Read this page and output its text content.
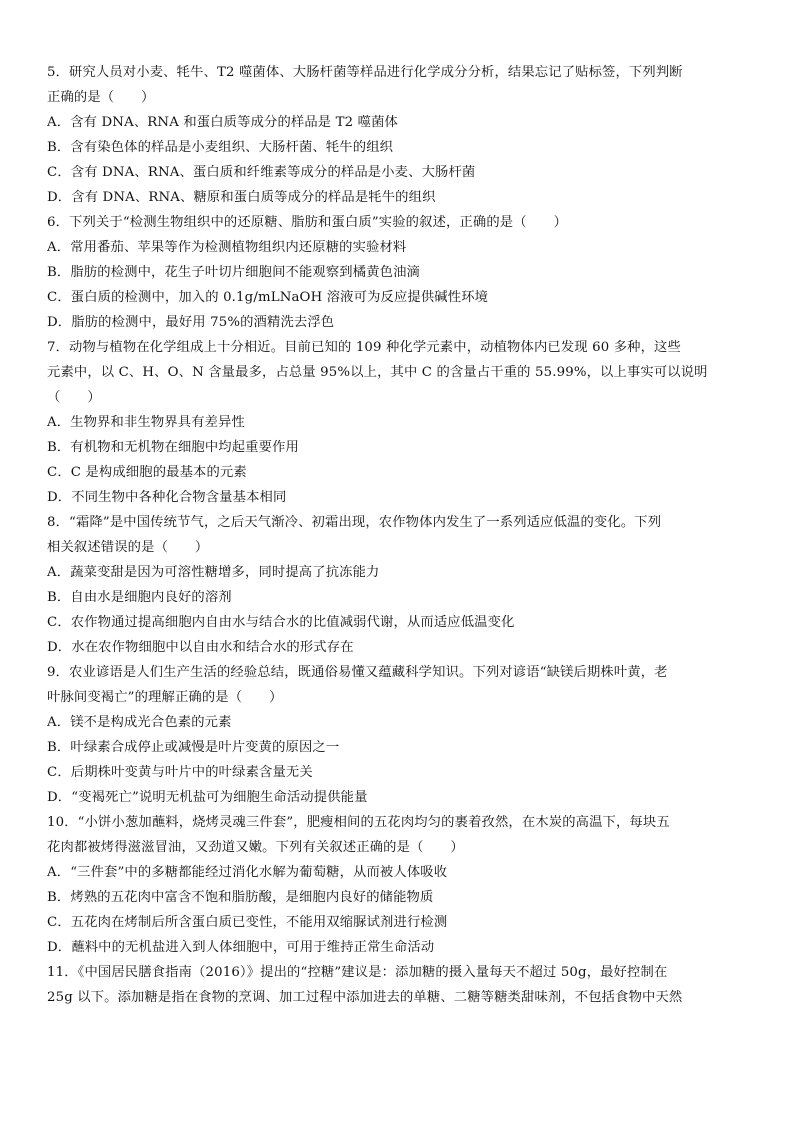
5．研究人员对小麦、牦牛、T2 噬菌体、大肠杆菌等样品进行化学成分分析，结果忘记了贴标签，下列判断
正确的是（　　）
A．含有 DNA、RNA 和蛋白质等成分的样品是 T2 噬菌体
B．含有染色体的样品是小麦组织、大肠杆菌、牦牛的组织
C．含有 DNA、RNA、蛋白质和纤维素等成分的样品是小麦、大肠杆菌
D．含有 DNA、RNA、糖原和蛋白质等成分的样品是牦牛的组织
6．下列关于“检测生物组织中的还原糖、脂肪和蛋白质”实验的叙述，正确的是（　　）
A．常用番茄、苹果等作为检测植物组织内还原糖的实验材料
B．脂肪的检测中，花生子叶切片细胞间不能观察到橘黄色油滴
C．蛋白质的检测中，加入的 0.1g/mLNaOH 溶液可为反应提供碱性环境
D．脂肪的检测中，最好用 75%的酒精洗去浮色
7．动物与植物在化学组成上十分相近。目前已知的 109 种化学元素中，动植物体内已发现 60 多种，这些
元素中，以 C、H、O、N 含量最多，占总量 95%以上，其中 C 的含量占干重的 55.99%，以上事实可以说明
（　　）
A．生物界和非生物界具有差异性
B．有机物和无机物在细胞中均起重要作用
C．C 是构成细胞的最基本的元素
D．不同生物中各种化合物含量基本相同
8．“霜降”是中国传统节气，之后天气渐冷、初霜出现，农作物体内发生了一系列适应低温的变化。下列
相关叙述错误的是（　　）
A．蔬菜变甜是因为可溶性糖增多，同时提高了抗冻能力
B．自由水是细胞内良好的溶剂
C．农作物通过提高细胞内自由水与结合水的比值减弱代谢，从而适应低温变化
D．水在农作物细胞中以自由水和结合水的形式存在
9．农业谚语是人们生产生活的经验总结，既通俗易懂又蕴藏科学知识。下列对谚语“缺镁后期株叶黄，老
叶脉间变褐亡”的理解正确的是（　　）
A．镁不是构成光合色素的元素
B．叶绿素合成停止或减慢是叶片变黄的原因之一
C．后期株叶变黄与叶片中的叶绿素含量无关
D．“变褐死亡”说明无机盐可为细胞生命活动提供能量
10．“小饼小葱加蘸料，烧烤灵魂三件套”，肥瘦相间的五花肉均匀的裹着孜然，在木炭的高温下，每块五
花肉都被烤得滋滋冒油，又劲道又嫩。下列有关叙述正确的是（　　）
A．“三件套”中的多糖都能经过消化水解为葡萄糖，从而被人体吸收
B．烤熟的五花肉中富含不饱和脂肪酸，是细胞内良好的储能物质
C．五花肉在烤制后所含蛋白质已变性，不能用双缩脲试剂进行检测
D．蘸料中的无机盐进入到人体细胞中，可用于维持正常生命活动
11．《中国居民膳食指南（2016）》提出的“控糖”建议是：添加糖的摄入量每天不超过 50g，最好控制在
25g 以下。添加糖是指在食物的烹调、加工过程中添加进去的单糖、二糖等糖类甜味剂，不包括食物中天然
